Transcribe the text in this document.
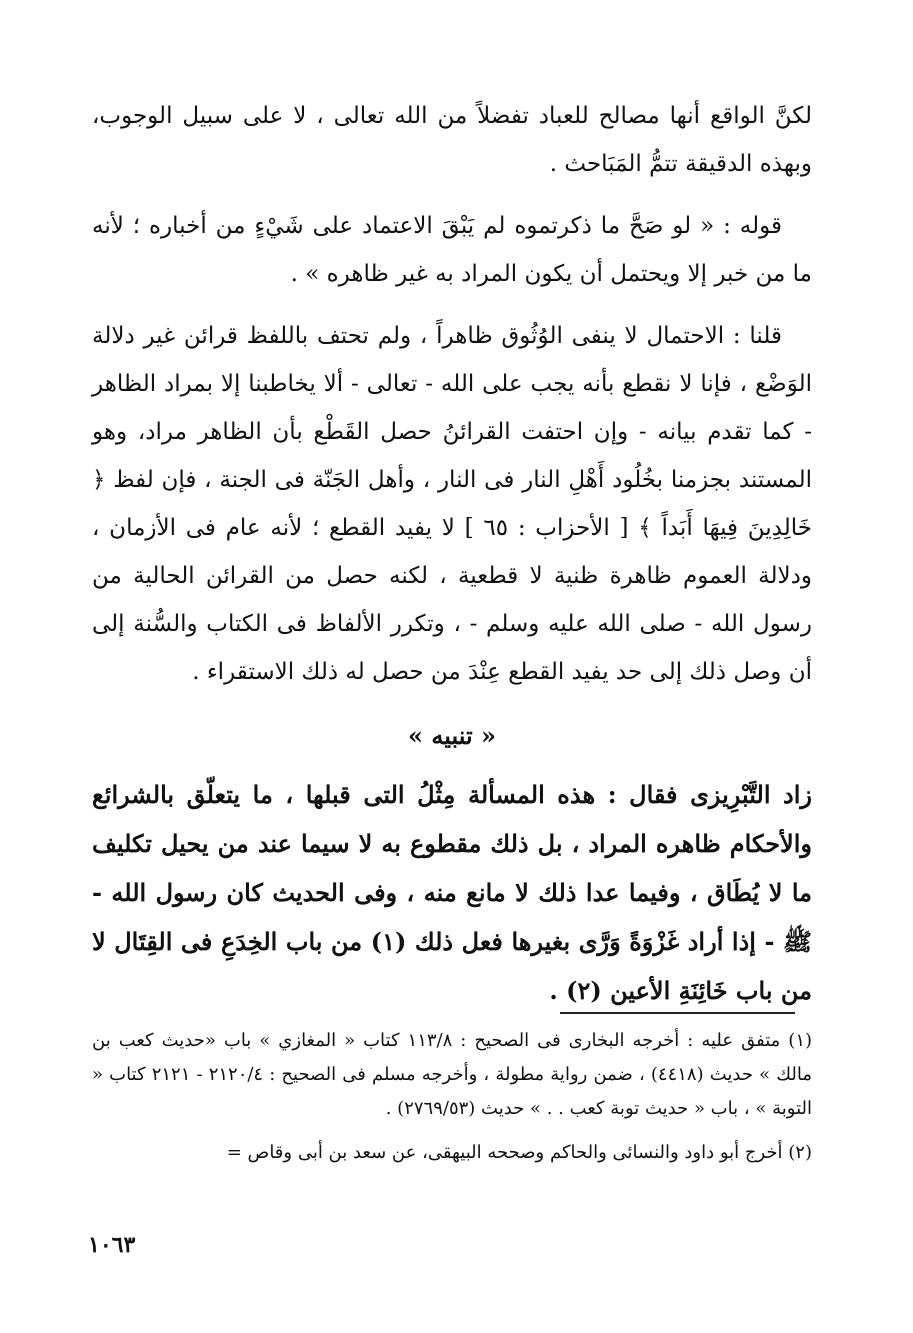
لكنَّ الواقع أنها مصالح للعباد تفضلاً من الله تعالى ، لا على سبيل الوجوب، وبهذه الدقيقة تتمُّ المَبَاحث .

قوله : « لو صَحَّ ما ذكرتموه لم يَبْقَ الاعتماد على شَيْءٍ من أخباره ؛ لأنه ما من خبر إلا ويحتمل أن يكون المراد به غير ظاهره » .

قلنا : الاحتمال لا ينفى الوُثُوق ظاهراً ، ولم تحتف باللفظ قرائن غير دلالة الوَضْع ، فإنا لا نقطع بأنه يجب على الله - تعالى - ألا يخاطبنا إلا بمراد الظاهر - كما تقدم بيانه - وإن احتفت القرائنُ حصل القَطْع بأن الظاهر مراد، وهو المستند بجزمنا بخُلُود أَهْلِ النار فى النار ، وأهل الجَنّة فى الجنة ، فإن لفظ ﴿ خَالِدِينَ فِيهَا أَبَداً ﴾ [ الأحزاب : ٦٥ ] لا يفيد القطع ؛ لأنه عام فى الأزمان ، ودلالة العموم ظاهرة ظنية لا قطعية ، لكنه حصل من القرائن الحالية من رسول الله - صلى الله عليه وسلم - ، وتكرر الألفاظ فى الكتاب والسُّنة إلى أن وصل ذلك إلى حد يفيد القطع عِنْدَ من حصل له ذلك الاستقراء .

« تنبيه »

زاد التَّبْرِيزى فقال : هذه المسألة مِثْلُ التى قبلها ، ما يتعلّق بالشرائع والأحكام ظاهره المراد ، بل ذلك مقطوع به لا سيما عند من يحيل تكليف ما لا يُطَاق ، وفيما عدا ذلك لا مانع منه ، وفى الحديث كان رسول الله - ﷺ - إذا أراد غَزْوَةً وَرَّى بغيرها فعل ذلك (١) من باب الخِدَعِ فى القِتَال لا من باب خَائِنَةِ الأعين (٢) .

(١) متفق عليه : أخرجه البخارى فى الصحيح : ١١٣/٨ كتاب « المغازي » باب «حديث كعب بن مالك » حديث (٤٤١٨) ، ضمن رواية مطولة ، وأخرجه مسلم فى الصحيح : ٢١٢٠/٤ - ٢١٢١ كتاب « التوبة » ، باب « حديث توبة كعب . . » حديث (٢٧٦٩/٥٣) .

(٢) أخرج أبو داود والنسائى والحاكم وصححه البيهقى، عن سعد بن أبى وقاص =

١٠٦٣
